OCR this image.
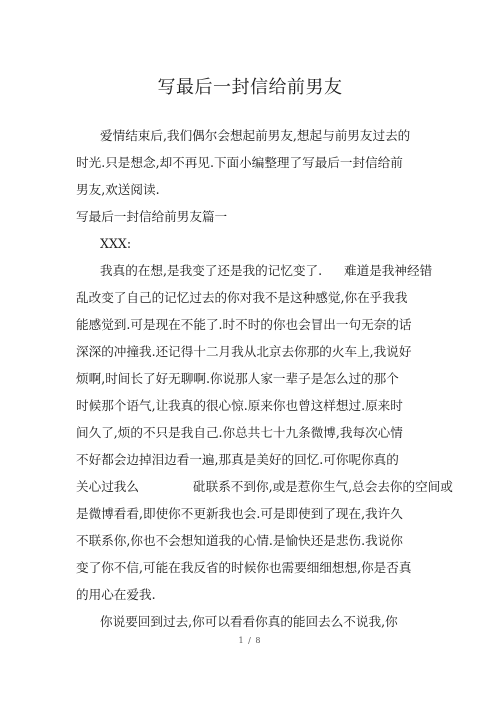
写最后一封信给前男友
爱情结束后,我们偶尔会想起前男友,想起与前男友过去的
时光.只是想念,却不再见.下面小编整理了写最后一封信给前
男友,欢送阅读.
写最后一封信给前男友篇一
XXX:
我真的在想,是我变了还是我的记忆变了. 难道是我神经错
乱改变了自己的记忆过去的你对我不是这种感觉,你在乎我我
能感觉到.可是现在不能了.时不时的你也会冒出一句无奈的话
深深的冲撞我.还记得十二月我从北京去你那的火车上,我说好
烦啊,时间长了好无聊啊.你说那人家一辈子是怎么过的那个
时候那个语气,让我真的很心惊.原来你也曾这样想过.原来时
间久了,烦的不只是我自己.你总共七十九条微博,我每次心情
不好都会边掉泪边看一遍,那真是美好的回忆.可你呢你真的
关心过我么	砒联系不到你,或是惹你生气,总会去你的空间或
是微博看看,即使你不更新我也会.可是即使到了现在,我许久
不联系你,你也不会想知道我的心情.是愉快还是悲伤.我说你
变了你不信,可能在我反省的时候你也需要细细想想,你是否真
的用心在爱我.
你说要回到过去,你可以看看你真的能回去么不说我,你
1 / 8
